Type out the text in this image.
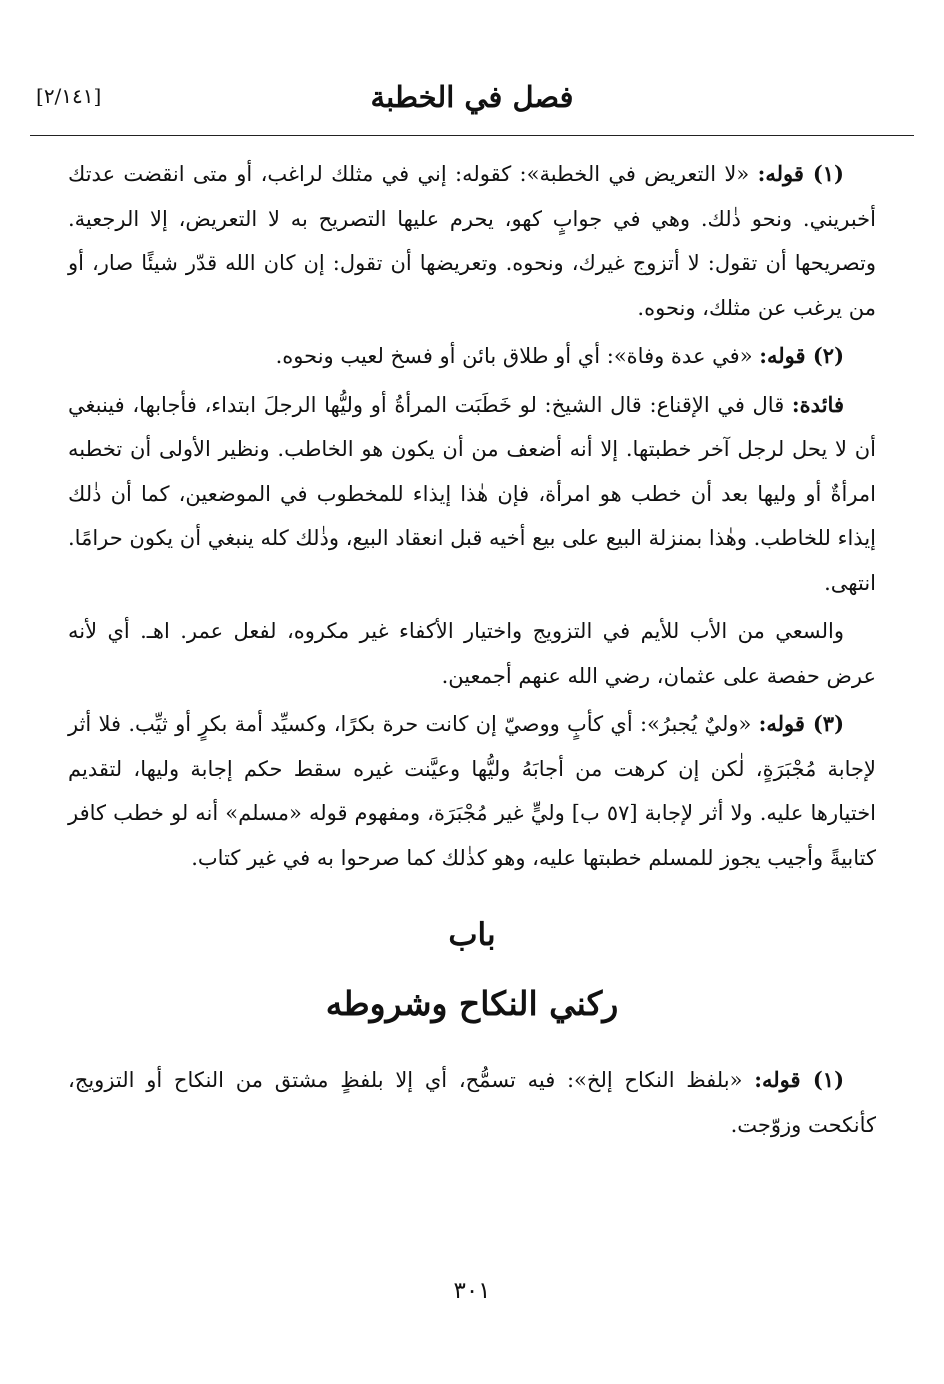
[٢/١٤١]	فصل في الخطبة

(١) قوله: «لا التعريض في الخطبة»: كقوله: إني في مثلك لراغب، أو متى انقضت عدتك أخبريني. ونحو ذٰلك. وهي في جوابٍ كهو، يحرم عليها التصريح به لا التعريض، إلا الرجعية. وتصريحها أن تقول: لا أتزوج غيرك، ونحوه. وتعريضها أن تقول: إن كان الله قدّر شيئًا صار، أو من يرغب عن مثلك، ونحوه.

(٢) قوله: «في عدة وفاة»: أي أو طلاق بائن أو فسخ لعيب ونحوه.

فائدة: قال في الإقناع: قال الشيخ: لو خَطَبَت المرأةُ أو وليُّها الرجلَ ابتداء، فأجابها، فينبغي أن لا يحل لرجل آخر خطبتها. إلا أنه أضعف من أن يكون هو الخاطب. ونظير الأولى أن تخطبه امرأةٌ أو وليها بعد أن خطب هو امرأة، فإن هٰذا إيذاء للمخطوب في الموضعين، كما أن ذٰلك إيذاء للخاطب. وهٰذا بمنزلة البيع على بيع أخيه قبل انعقاد البيع، وذٰلك كله ينبغي أن يكون حرامًا. انتهى.

والسعي من الأب للأيم في التزويج واختيار الأكفاء غير مكروه، لفعل عمر. اهـ. أي لأنه عرض حفصة على عثمان، رضي الله عنهم أجمعين.

(٣) قوله: «وليٌ يُجبرُ»: أي كأبٍ ووصيّ إن كانت حرة بكرًا، وكسيِّد أمة بكرٍ أو ثيِّب. فلا أثر لإجابة مُجْبَرَةٍ، لٰكن إن كرهت من أجابَهُ وليُّها وعيَّنت غيره سقط حكم إجابة وليها، لتقديم اختيارها عليه. ولا أثر لإجابة [٥٧ ب] وليٍّ غير مُجْبَرَة، ومفهوم قوله «مسلم» أنه لو خطب كافر كتابيةً وأجيب يجوز للمسلم خطبتها عليه، وهو كذٰلك كما صرحوا به في غير كتاب.

باب
ركني النكاح وشروطه

(١) قوله: «بلفظ النكاح إلخ»: فيه تسمُّح، أي إلا بلفظٍ مشتق من النكاح أو التزويج، كأنكحت وزوّجت.

٣٠١
